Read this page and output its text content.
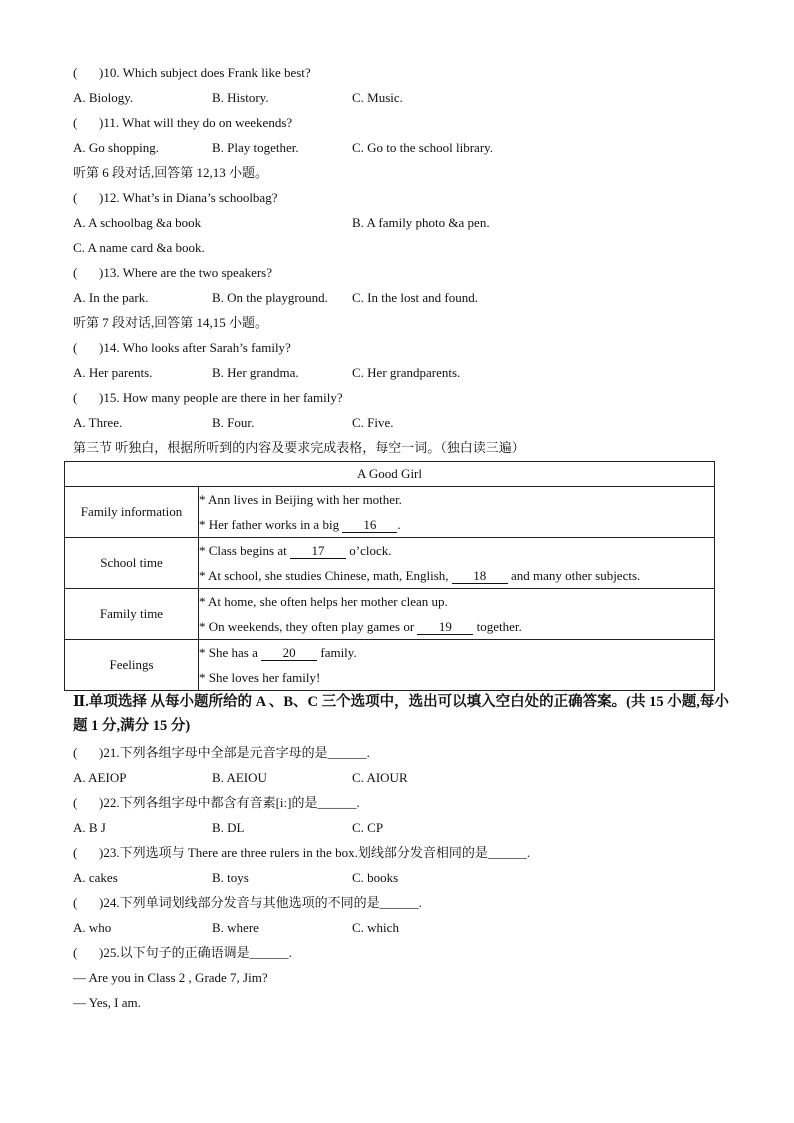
( )10. Which subject does Frank like best?
A. Biology.	B. History.	C. Music.
( )11. What will they do on weekends?
A. Go shopping.	B. Play together.	C. Go to the school library.
听第 6 段对话,回答第 12,13 小题。
( )12. What’s in Diana’s schoolbag?
A. A schoolbag &a book	B. A family photo &a pen.
C. A name card &a book.
( )13. Where are the two speakers?
A. In the park.	B. On the playground. C. In the lost and found.
听第 7 段对话,回答第 14,15 小题。
( )14. Who looks after Sarah’s family?
A. Her parents.	B. Her grandma.	C. Her grandparents.
( )15. How many people are there in her family?
A. Three.	B. Four.	C. Five.
第三节 听独白，根据所听到的内容及要求完成表格，每空一词。（独白读三遍）
A Good Girl	
Family information	* Ann lives in Beijing with her mother.
* Her father works in a big 16 .

School time	* Class begins at 17 o’clock.
* At school, she studies Chinese, math, English, 18 and many other subjects.

Family time	* At home, she often helps her mother clean up.
* On weekends, they often play games or 19 together.

Feelings	* She has a 20 family.
* She loves her family!
Ⅱ.单项选择 从每小题所给的 A 、B、C 三个选项中，选出可以填入空白处的正确答案。(共 15 小题,每小题 1 分,满分 15 分)
( )21.下列各组字母中全部是元音字母的是______.
A. AEIOP	B. AEIOU	C. AIOUR
( )22.下列各组字母中都含有音素[iː]的是______.
A. B J	B. DL	C. CP
( )23.下列选项与 There are three rulers in the box.划线部分发音相同的是______.
A. cakes	B. toys	C. books
( )24.下列单词划线部分发音与其他选项的不同的是______.
A. who	B. where	C. which
( )25.以下句子的正确语调是______.
— Are you in Class 2 , Grade 7, Jim?
— Yes, I am.
